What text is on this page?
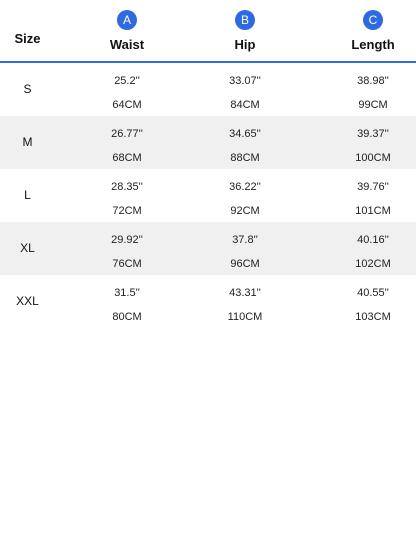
Size
A
Waist
B
Hip
C
Length
S
25.2''
64CM
33.07''
84CM
38.98''
99CM
M
26.77''
68CM
34.65''
88CM
39.37''
100CM
L
28.35''
72CM
36.22''
92CM
39.76''
101CM
XL
29.92''
76CM
37.8''
96CM
40.16''
102CM
XXL
31.5''
80CM
43.31''
110CM
40.55''
103CM
